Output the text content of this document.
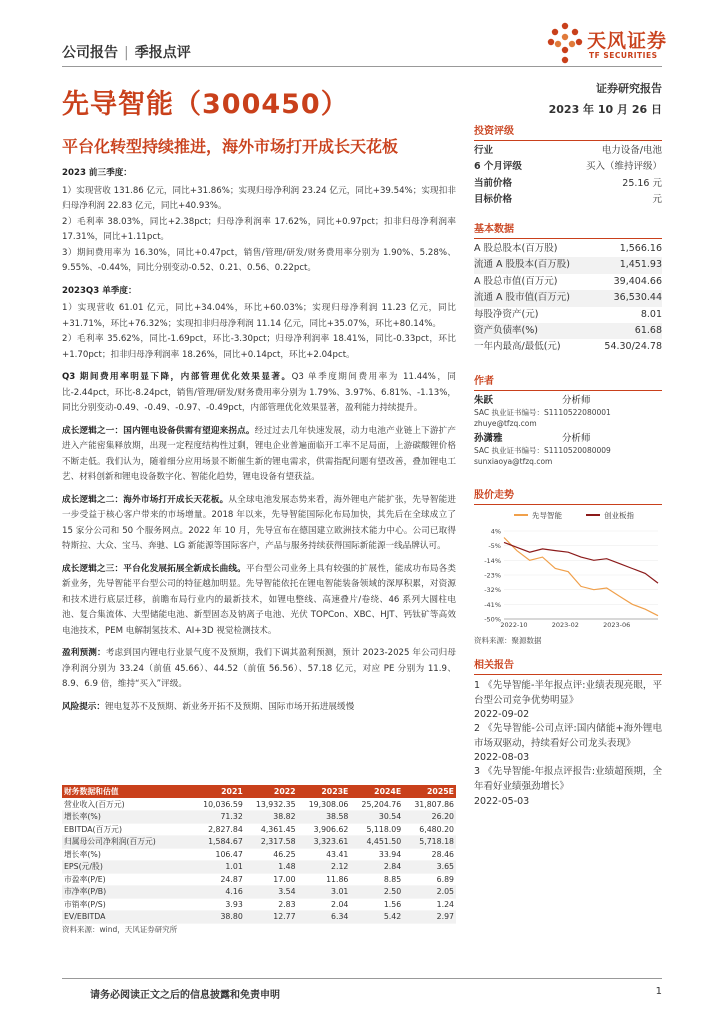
公司报告 | 季报点评
天风证券
TF SECURITIES
先导智能（300450）
证券研究报告
2023 年 10 月 26 日
平台化转型持续推进，海外市场打开成长天花板
2023 前三季度：

1）实现营收 131.86 亿元，同比+31.86%；实现归母净利润 23.24 亿元，同比+39.54%；实现扣非归母净利润 22.83 亿元，同比+40.93%。

2）毛利率 38.03%，同比+2.38pct；归母净利润率 17.62%，同比+0.97pct；扣非归母净利润率 17.31%，同比+1.11pct。

3）期间费用率为 16.30%，同比+0.47pct，销售/管理/研发/财务费用率分别为 1.90%、5.28%、9.55%、-0.44%，同比分别变动-0.52、0.21、0.56、0.22pct。

2023Q3 单季度：

1）实现营收 61.01 亿元，同比+34.04%，环比+60.03%；实现归母净利润 11.23 亿元，同比+31.71%，环比+76.32%；实现扣非归母净利润 11.14 亿元，同比+35.07%，环比+80.14%。

2）毛利率 35.62%，同比-1.69pct，环比-3.30pct；归母净利润率 18.41%，同比-0.33pct，环比+1.70pct；扣非归母净利润率 18.26%，同比+0.14pct，环比+2.04pct。

Q3 期间费用率明显下降，内部管理优化效果显著。Q3 单季度期间费用率为 11.44%，同比-2.44pct，环比-8.24pct，销售/管理/研发/财务费用率分别为 1.79%、3.97%、6.81%、-1.13%，同比分别变动-0.49、-0.49、-0.97、-0.49pct，内部管理优化效果显著，盈利能力持续提升。

成长逻辑之一：国内锂电设备供需有望迎来拐点。经过过去几年快速发展，动力电池产业链上下游扩产进入产能密集释放期，出现一定程度结构性过剩，锂电企业普遍面临开工率不足局面，上游碳酸锂价格不断走低。我们认为，随着细分应用场景不断催生新的锂电需求，供需指配问题有望改善，叠加锂电工艺、材料创新和锂电设备数字化、智能化趋势，锂电设备有望获益。

成长逻辑之二：海外市场打开成长天花板。从全球电池发展态势来看，海外锂电产能扩张，先导智能进一步受益于核心客户带来的市场增量。2018 年以来，先导智能国际化布局加快，其先后在全球成立了 15 家分公司和 50 个服务网点。2022 年 10 月，先导宣布在德国建立欧洲技术能力中心。公司已取得特斯拉、大众、宝马、奔驰、LG 新能源等国际客户，产品与服务持续获得国际新能源一线品牌认可。

成长逻辑之三：平台化发展拓展全新成长曲线。平台型公司业务上具有较强的扩展性，能成功布局各类新业务，先导智能平台型公司的特征越加明显。先导智能依托在锂电智能装备领域的深厚积累，对资源和技术进行底层迁移，前瞻布局行业内的最新技术，如锂电整线、高速叠片/卷绕、46 系列大圆柱电池、复合集流体、大型储能电池、新型固态及钠离子电池、光伏 TOPCon、XBC、HJT、钙钛矿等高效电池技术，PEM 电解制氢技术、AI+3D 视觉检测技术。

盈利预测：考虑到国内锂电行业景气度不及预期，我们下调其盈利预测，预计 2023-2025 年公司归母净利润分别为 33.24（前值 45.66）、44.52（前值 56.56）、57.18 亿元，对应 PE 分别为 11.9、8.9、6.9 倍，维持“买入”评级。

风险提示：锂电复苏不及预期、新业务开拓不及预期、国际市场开拓进展缓慢

财务数据和估值	2021	2022	2023E	2024E	2025E
营业收入(百万元)	10,036.59	13,932.35	19,308.06	25,204.76	31,807.86
增长率(%)	71.32	38.82	38.58	30.54	26.20
EBITDA(百万元)	2,827.84	4,361.45	3,906.62	5,118.09	6,480.20
归属母公司净利润(百万元)	1,584.67	2,317.58	3,323.61	4,451.50	5,718.18
增长率(%)	106.47	46.25	43.41	33.94	28.46
EPS(元/股)	1.01	1.48	2.12	2.84	3.65
市盈率(P/E)	24.87	17.00	11.86	8.85	6.89
市净率(P/B)	4.16	3.54	3.01	2.50	2.05
市销率(P/S)	3.93	2.83	2.04	1.56	1.24
EV/EBITDA	38.80	12.77	6.34	5.42	2.97
资料来源：wind，天风证券研究所
投资评级
行业	电力设备/电池
6 个月评级	买入（维持评级）
当前价格	25.16 元
目标价格	元
基本数据
A 股总股本(百万股)	1,566.16
流通 A 股股本(百万股)	1,451.93
A 股总市值(百万元)	39,404.66
流通 A 股市值(百万元)	36,530.44
每股净资产(元)	8.01
资产负债率(%)	61.68
一年内最高/最低(元)	54.30/24.78
作者
朱跃	分析师
SAC 执业证书编号：S1110522080001
zhuye@tfzq.com
孙潇雅	分析师
SAC 执业证书编号：S1110520080009
sunxiaoya@tfzq.com
股价走势
先导智能	创业板指
4%
-5%
-14%
-23%
-32%
-41%
-50%
2022-10	2023-02	2023-06
资料来源：聚源数据
相关报告
1 《先导智能-半年报点评:业绩表现亮眼，平台型公司竞争优势明显》
2022-09-02
2 《先导智能-公司点评:国内储能+海外锂电市场双驱动，持续看好公司龙头表现》
2022-08-03
3 《先导智能-年报点评报告:业绩超预期，全年看好业绩强劲增长》
2022-05-03
请务必阅读正文之后的信息披露和免责申明	1
